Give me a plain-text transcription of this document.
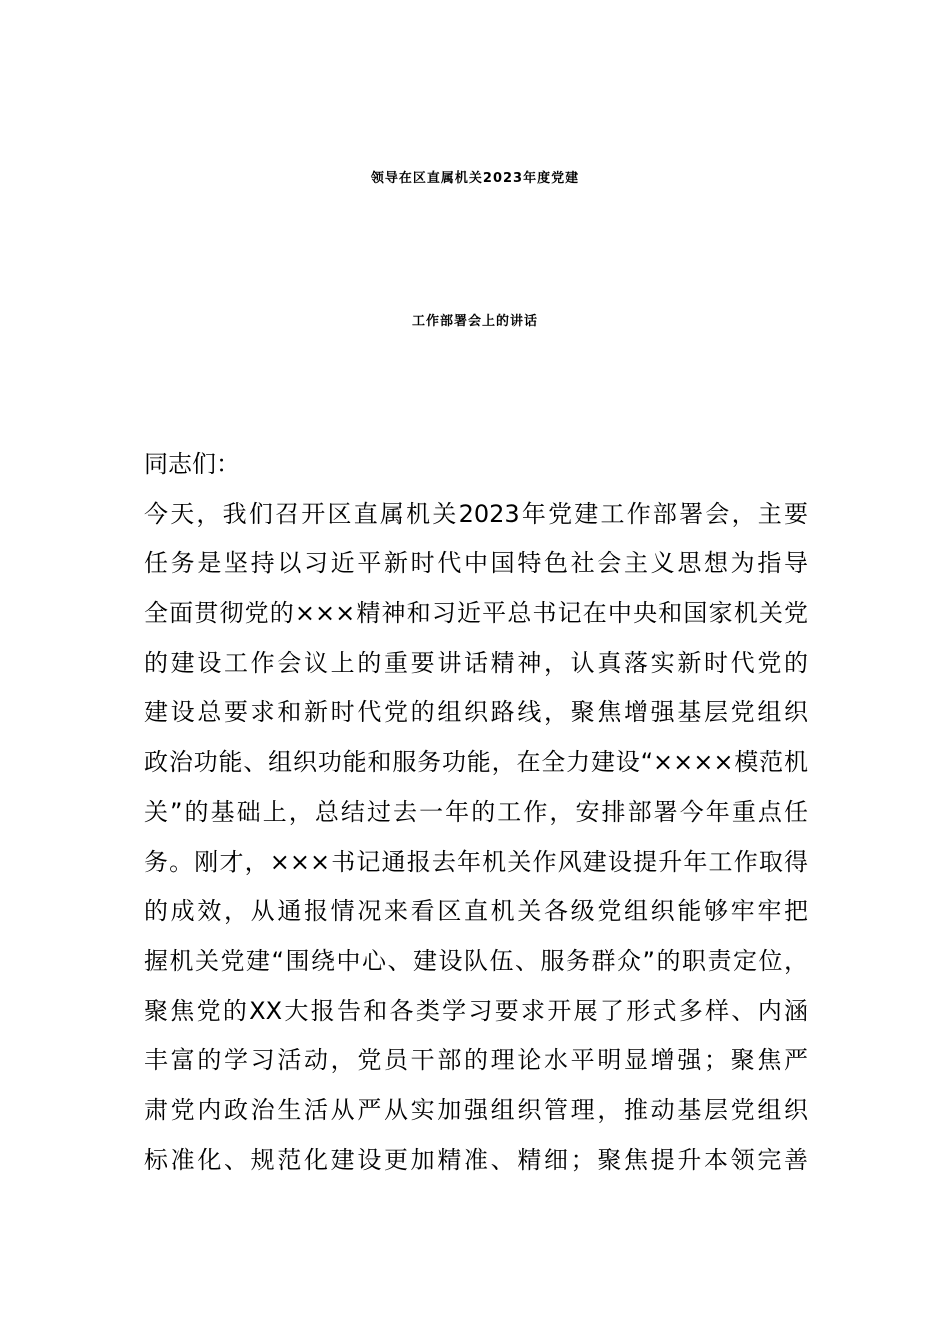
领导在区直属机关2023年度党建
工作部署会上的讲话
同志们：
今天，我们召开区直属机关2023年党建工作部署会，主要
任务是坚持以习近平新时代中国特色社会主义思想为指导
全面贯彻党的×××精神和习近平总书记在中央和国家机关党
的建设工作会议上的重要讲话精神，认真落实新时代党的
建设总要求和新时代党的组织路线，聚焦增强基层党组织
政治功能、组织功能和服务功能，在全力建设“××××模范机
关”的基础上，总结过去一年的工作，安排部署今年重点任
务。刚才，×××书记通报去年机关作风建设提升年工作取得
的成效，从通报情况来看区直机关各级党组织能够牢牢把
握机关党建“围绕中心、建设队伍、服务群众”的职责定位，
聚焦党的XX大报告和各类学习要求开展了形式多样、内涵
丰富的学习活动，党员干部的理论水平明显增强；聚焦严
肃党内政治生活从严从实加强组织管理，推动基层党组织
标准化、规范化建设更加精准、精细；聚焦提升本领完善
